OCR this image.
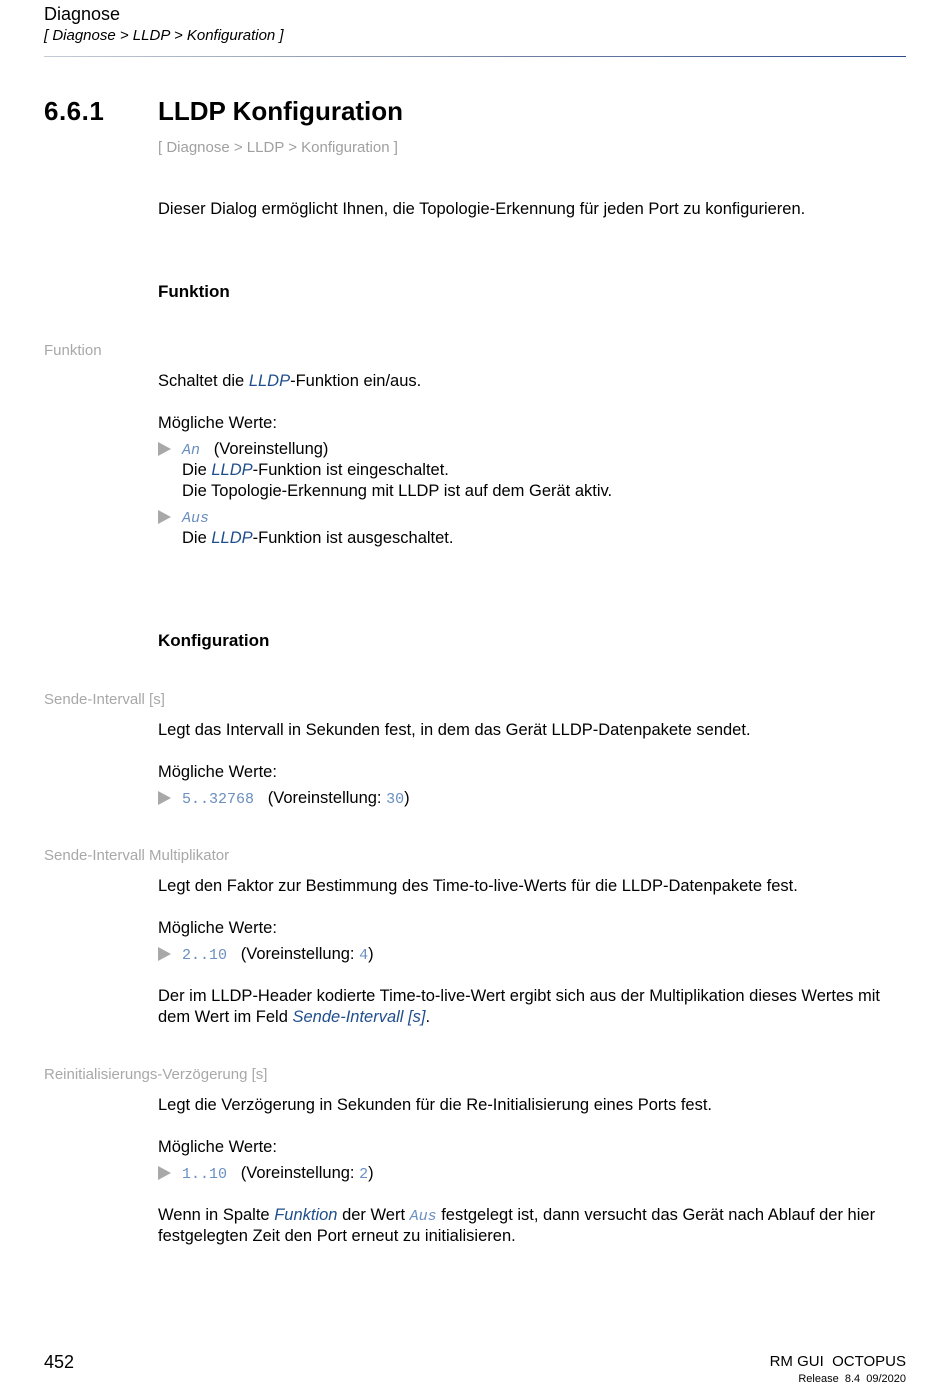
Diagnose
[ Diagnose > LLDP > Konfiguration ]
6.6.1 LLDP Konfiguration
[ Diagnose > LLDP > Konfiguration ]
Dieser Dialog ermöglicht Ihnen, die Topologie-Erkennung für jeden Port zu konfigurieren.
Funktion
Funktion
Schaltet die LLDP-Funktion ein/aus.
Mögliche Werte:
An (Voreinstellung)
Die LLDP-Funktion ist eingeschaltet.
Die Topologie-Erkennung mit LLDP ist auf dem Gerät aktiv.
Aus
Die LLDP-Funktion ist ausgeschaltet.
Konfiguration
Sende-Intervall [s]
Legt das Intervall in Sekunden fest, in dem das Gerät LLDP-Datenpakete sendet.
Mögliche Werte:
5..32768 (Voreinstellung: 30)
Sende-Intervall Multiplikator
Legt den Faktor zur Bestimmung des Time-to-live-Werts für die LLDP-Datenpakete fest.
Mögliche Werte:
2..10 (Voreinstellung: 4)
Der im LLDP-Header kodierte Time-to-live-Wert ergibt sich aus der Multiplikation dieses Wertes mit
dem Wert im Feld Sende-Intervall [s].
Reinitialisierungs-Verzögerung [s]
Legt die Verzögerung in Sekunden für die Re-Initialisierung eines Ports fest.
Mögliche Werte:
1..10 (Voreinstellung: 2)
Wenn in Spalte Funktion der Wert Aus festgelegt ist, dann versucht das Gerät nach Ablauf der hier
festgelegten Zeit den Port erneut zu initialisieren.
452	RM GUI  OCTOPUS
Release  8.4  09/2020
